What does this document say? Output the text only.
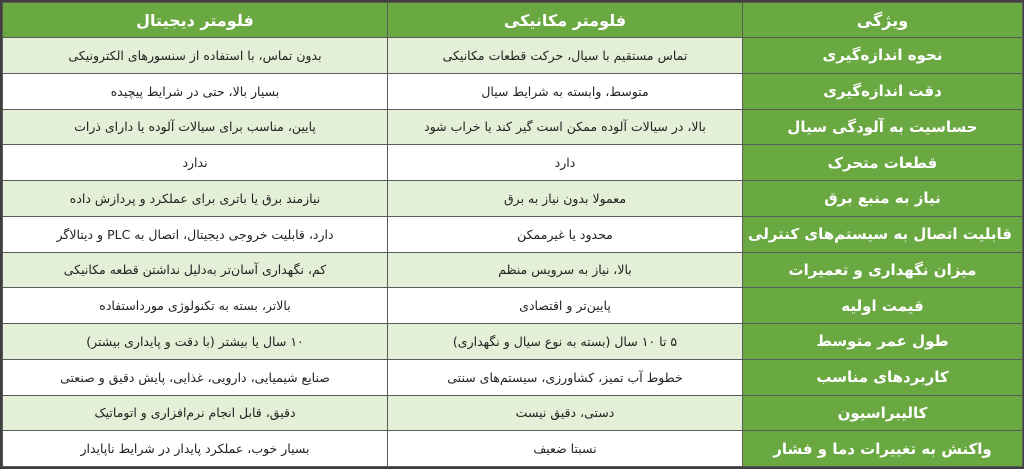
ویژگی	فلومتر مکانیکی	فلومتر دیجیتال
نحوه اندازه‌گیری	تماس مستقیم با سیال، حرکت قطعات مکانیکی	بدون تماس، با استفاده از سنسورهای الکترونیکی
دقت اندازه‌گیری	متوسط، وابسته به شرایط سیال	بسیار بالا، حتی در شرایط پیچیده
حساسیت به آلودگی سیال	بالا، در سیالات آلوده ممکن است گیر کند یا خراب شود	پایین، مناسب برای سیالات آلوده یا دارای ذرات
قطعات متحرک	دارد	ندارد
نیاز به منبع برق	معمولا بدون نیاز به برق	نیازمند برق یا باتری برای عملکرد و پردازش داده
قابلیت اتصال به سیستم‌های کنترلی	محدود یا غیرممکن	دارد، قابلیت خروجی دیجیتال، اتصال به PLC و دیتالاگر
میزان نگهداری و تعمیرات	بالا، نیاز به سرویس منظم	کم، نگهداری آسان‌تر به‌دلیل نداشتن قطعه مکانیکی
قیمت اولیه	پایین‌تر و اقتصادی	بالاتر، بسته به تکنولوژی مورداستفاده
طول عمر متوسط	۵ تا ۱۰ سال (بسته به نوع سیال و نگهداری)	۱۰ سال یا بیشتر (با دقت و پایداری بیشتر)
کاربردهای مناسب	خطوط آب تمیز، کشاورزی، سیستم‌های سنتی	صنایع شیمیایی، دارویی، غذایی، پایش دقیق و صنعتی
کالیبراسیون	دستی، دقیق نیست	دقیق، قابل انجام نرم‌افزاری و اتوماتیک
واکنش به تغییرات دما و فشار	نسبتا ضعیف	بسیار خوب، عملکرد پایدار در شرایط ناپایدار
